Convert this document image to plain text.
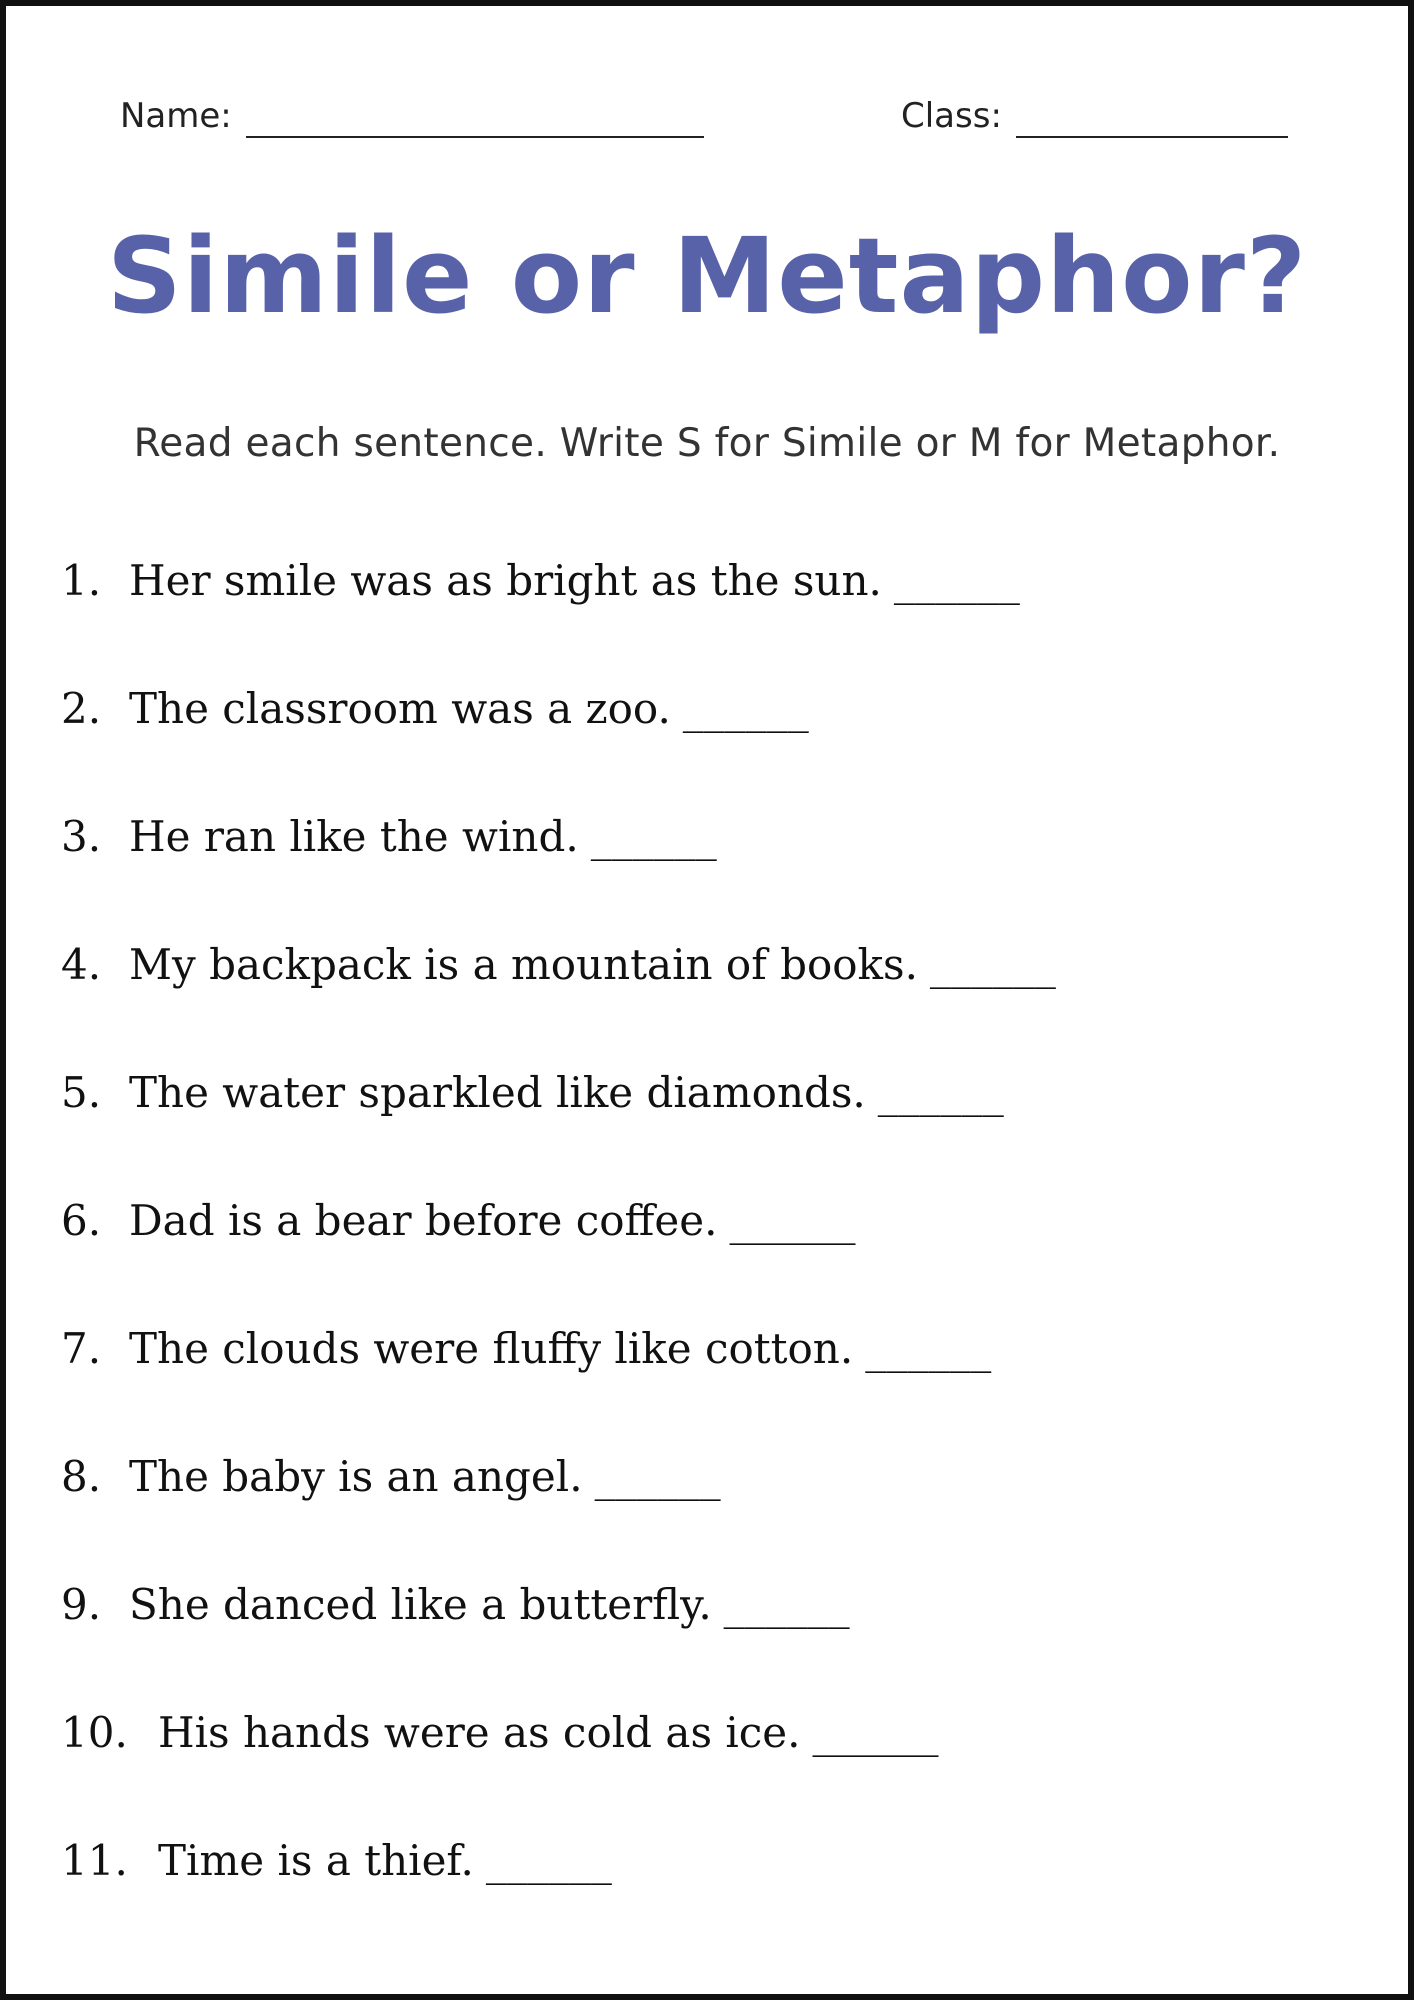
Name:	Class:
Simile or Metaphor?

Read each sentence. Write S for Simile or M for Metaphor.

1. Her smile was as bright as the sun. ______
2. The classroom was a zoo. ______
3. He ran like the wind. ______
4. My backpack is a mountain of books. ______
5. The water sparkled like diamonds. ______
6. Dad is a bear before coffee. ______
7. The clouds were fluffy like cotton. ______
8. The baby is an angel. ______
9. She danced like a butterfly. ______
10. His hands were as cold as ice. ______
11. Time is a thief. ______
